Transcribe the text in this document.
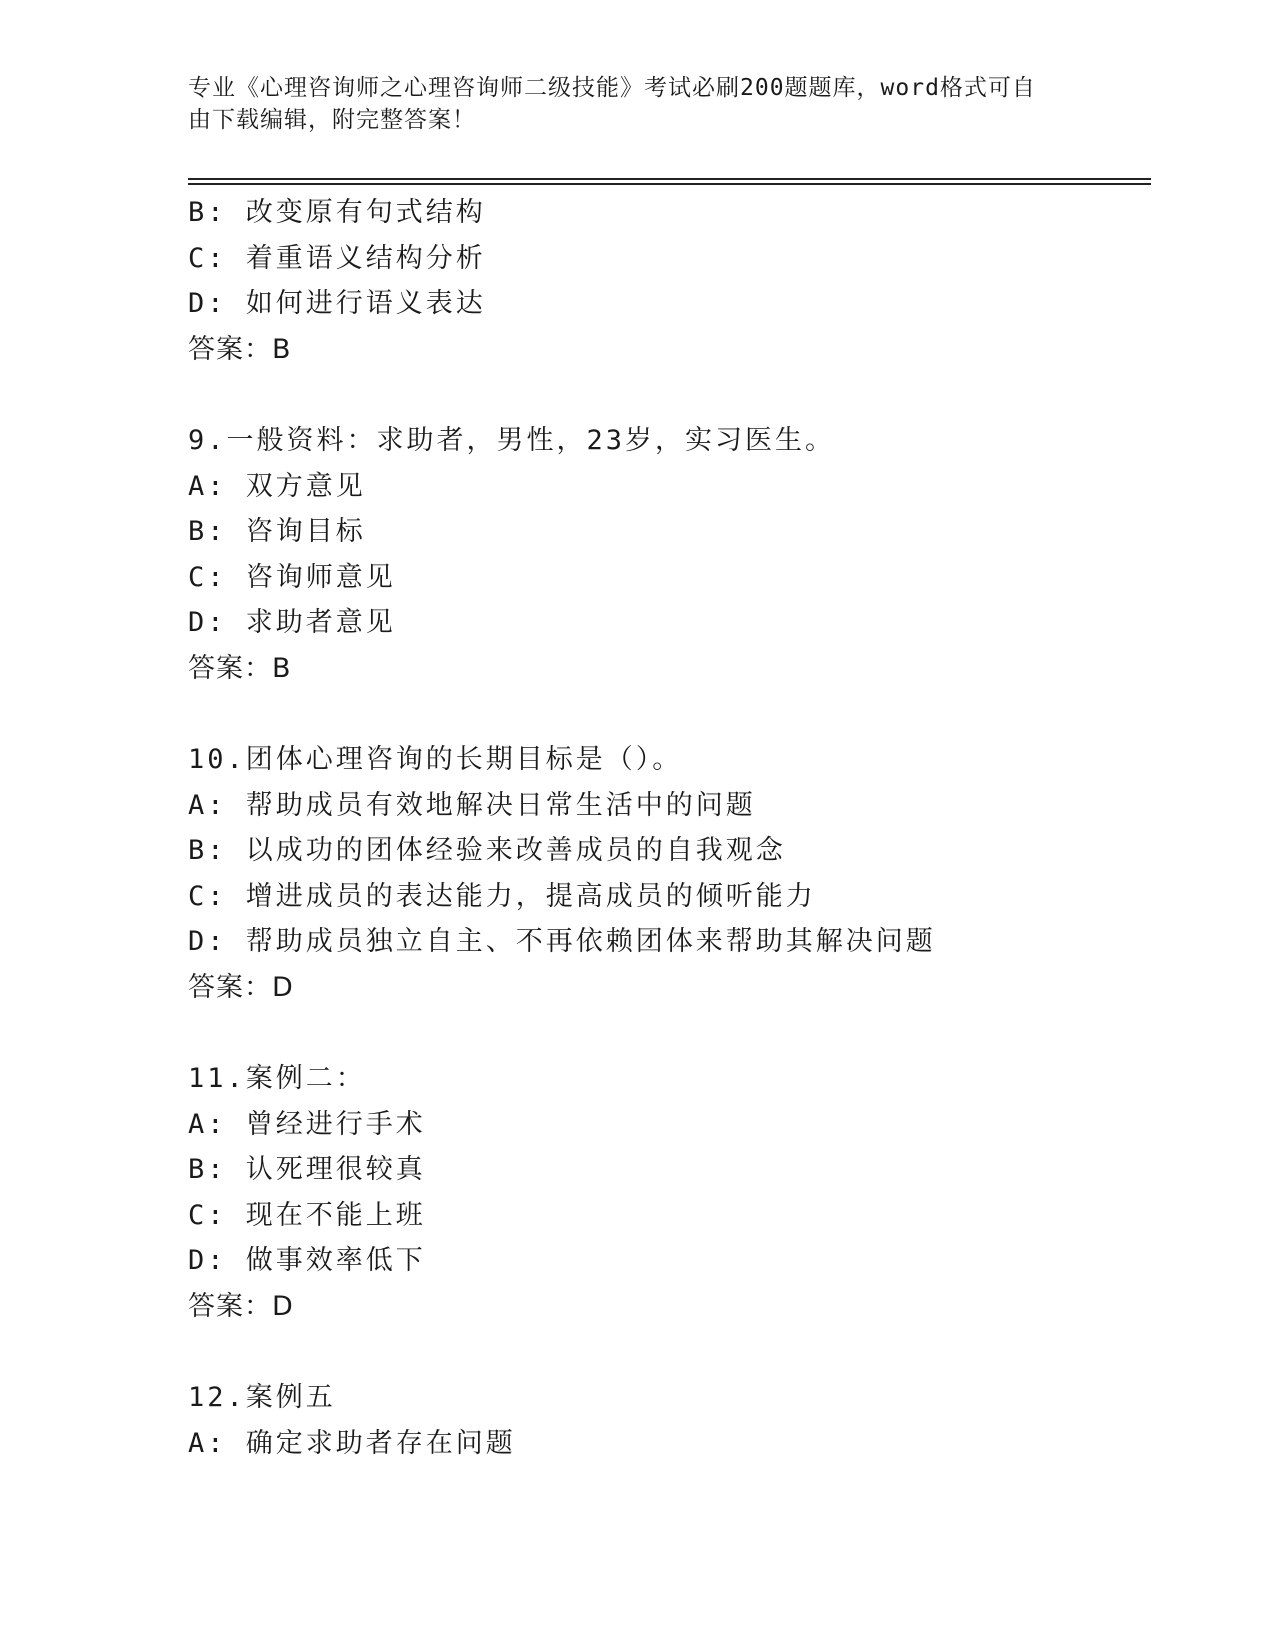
专业《心理咨询师之心理咨询师二级技能》考试必刷200题题库，word格式可自
由下载编辑，附完整答案！
B: 改变原有句式结构
C: 着重语义结构分析
D: 如何进行语义表达
答案：B
9.一般资料：求助者，男性，23岁，实习医生。
A: 双方意见
B: 咨询目标
C: 咨询师意见
D: 求助者意见
答案：B
10.团体心理咨询的长期目标是（）。
A: 帮助成员有效地解决日常生活中的问题
B: 以成功的团体经验来改善成员的自我观念
C: 增进成员的表达能力，提高成员的倾听能力
D: 帮助成员独立自主、不再依赖团体来帮助其解决问题
答案：D
11.案例二：
A: 曾经进行手术
B: 认死理很较真
C: 现在不能上班
D: 做事效率低下
答案：D
12.案例五
A: 确定求助者存在问题
